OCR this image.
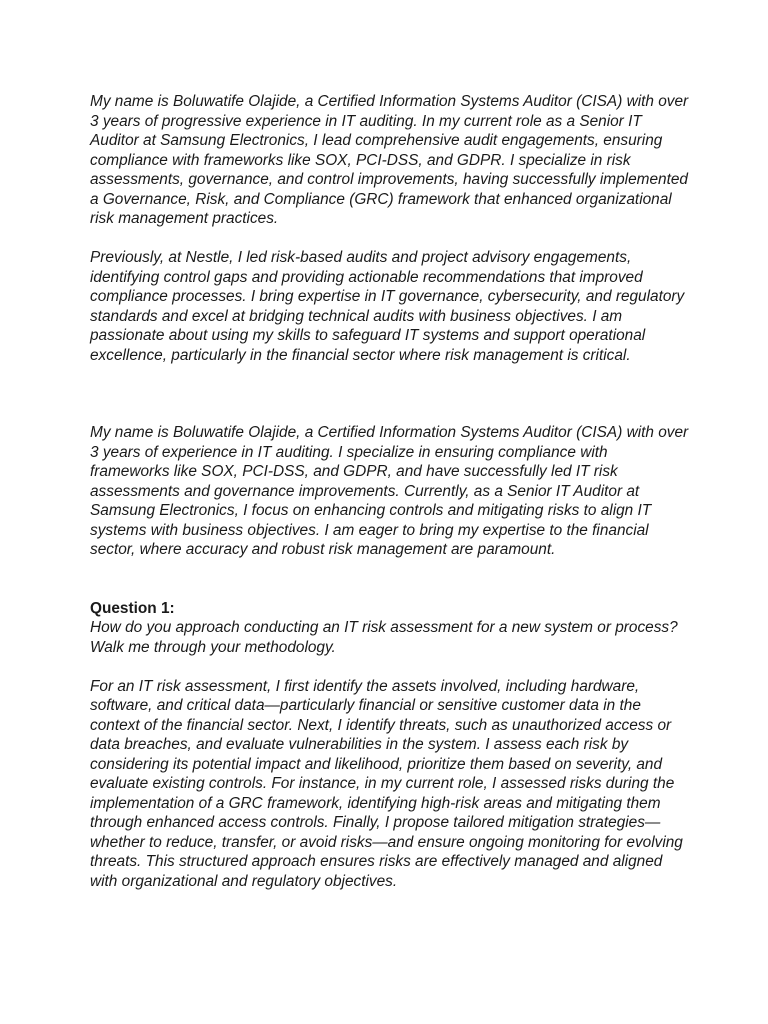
My name is Boluwatife Olajide, a Certified Information Systems Auditor (CISA) with over 3 years of progressive experience in IT auditing. In my current role as a Senior IT Auditor at Samsung Electronics, I lead comprehensive audit engagements, ensuring compliance with frameworks like SOX, PCI-DSS, and GDPR. I specialize in risk assessments, governance, and control improvements, having successfully implemented a Governance, Risk, and Compliance (GRC) framework that enhanced organizational risk management practices.

Previously, at Nestle, I led risk-based audits and project advisory engagements, identifying control gaps and providing actionable recommendations that improved compliance processes. I bring expertise in IT governance, cybersecurity, and regulatory standards and excel at bridging technical audits with business objectives. I am passionate about using my skills to safeguard IT systems and support operational excellence, particularly in the financial sector where risk management is critical.

My name is Boluwatife Olajide, a Certified Information Systems Auditor (CISA) with over 3 years of experience in IT auditing. I specialize in ensuring compliance with frameworks like SOX, PCI-DSS, and GDPR, and have successfully led IT risk assessments and governance improvements. Currently, as a Senior IT Auditor at Samsung Electronics, I focus on enhancing controls and mitigating risks to align IT systems with business objectives. I am eager to bring my expertise to the financial sector, where accuracy and robust risk management are paramount.

Question 1:

How do you approach conducting an IT risk assessment for a new system or process? Walk me through your methodology.

For an IT risk assessment, I first identify the assets involved, including hardware, software, and critical data—particularly financial or sensitive customer data in the context of the financial sector. Next, I identify threats, such as unauthorized access or data breaches, and evaluate vulnerabilities in the system. I assess each risk by considering its potential impact and likelihood, prioritize them based on severity, and evaluate existing controls. For instance, in my current role, I assessed risks during the implementation of a GRC framework, identifying high-risk areas and mitigating them through enhanced access controls. Finally, I propose tailored mitigation strategies—whether to reduce, transfer, or avoid risks—and ensure ongoing monitoring for evolving threats. This structured approach ensures risks are effectively managed and aligned with organizational and regulatory objectives.
